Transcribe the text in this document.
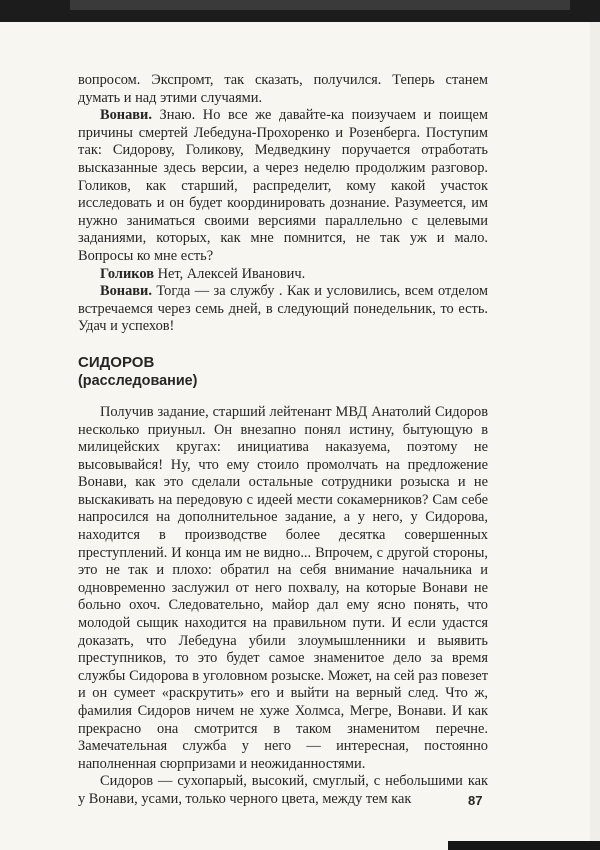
вопросом. Экспромт, так сказать, получился. Теперь станем думать и над этими случаями.

Вонави. Знаю. Но все же давайте-ка поизучаем и поищем причины смертей Лебедуна-Прохоренко и Розенберга. Поступим так: Сидорову, Голикову, Медведкину поручается отработать высказанные здесь версии, а через неделю продолжим разговор. Голиков, как старший, распределит, кому какой участок исследовать и он будет координировать дознание. Разумеется, им нужно заниматься своими версиями параллельно с целевыми заданиями, которых, как мне помнится, не так уж и мало. Вопросы ко мне есть?

Голиков Нет, Алексей Иванович.

Вонави. Тогда — за службу . Как и условились, всем отделом встречаемся через семь дней, в следующий понедельник, то есть. Удач и успехов!

СИДОРОВ
(расследование)

Получив задание, старший лейтенант МВД Анатолий Сидоров несколько приуныл. Он внезапно понял истину, бытующую в милицейских кругах: инициатива наказуема, поэтому не высовывайся! Ну, что ему стоило промолчать на предложение Вонави, как это сделали остальные сотрудники розыска и не выскакивать на передовую с идеей мести сокамерников? Сам себе напросился на дополнительное задание, а у него, у Сидорова, находится в производстве более десятка совершенных преступлений. И конца им не видно... Впрочем, с другой стороны, это не так и плохо: обратил на себя внимание начальника и одновременно заслужил от него похвалу, на которые Вонави не больно охоч. Следовательно, майор дал ему ясно понять, что молодой сыщик находится на правильном пути. И если удастся доказать, что Лебедуна убили злоумышленники и выявить преступников, то это будет самое знаменитое дело за время службы Сидорова в уголовном розыске. Может, на сей раз повезет и он сумеет «раскрутить» его и выйти на верный след. Что ж, фамилия Сидоров ничем не хуже Холмса, Мегре, Вонави. И как прекрасно она смотрится в таком знаменитом перечне. Замечательная служба у него — интересная, постоянно наполненная сюрпризами и неожиданностями.

Сидоров — сухопарый, высокий, смуглый, с небольшими как у Вонави, усами, только черного цвета, между тем как	87
